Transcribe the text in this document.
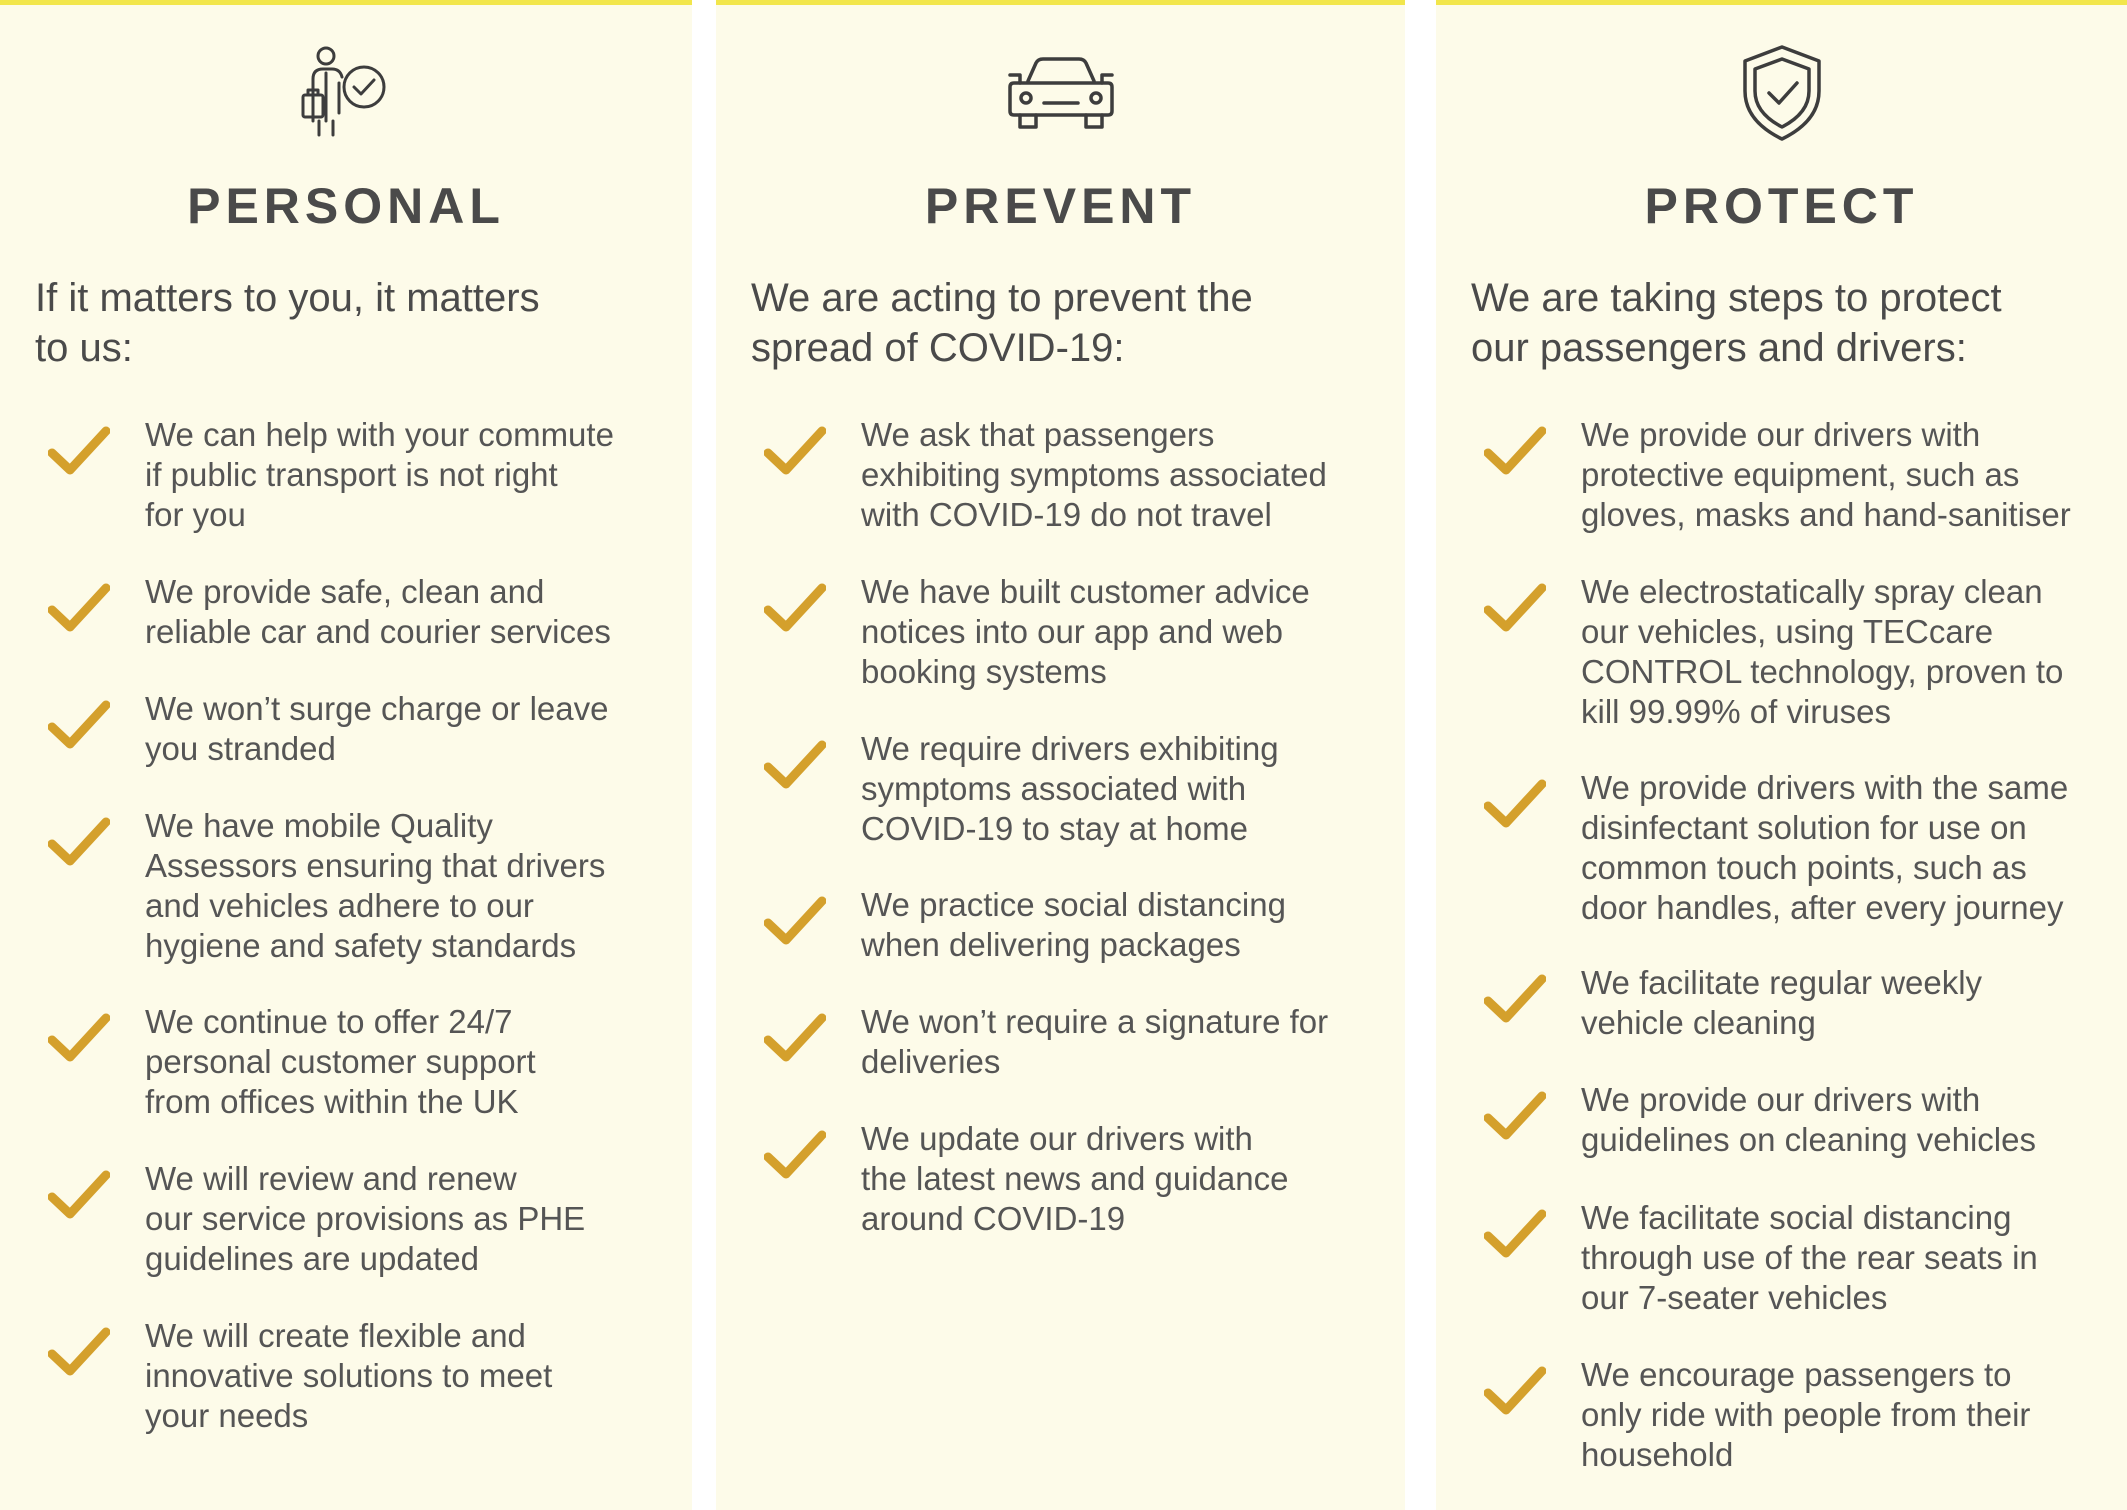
PERSONAL

If it matters to you, it matters
to us:

We can help with your commute
if public transport is not right
for you
We provide safe, clean and
reliable car and courier services
We won’t surge charge or leave
you stranded
We have mobile Quality
Assessors ensuring that drivers
and vehicles adhere to our
hygiene and safety standards
We continue to offer 24/7
personal customer support
from offices within the UK
We will review and renew
our service provisions as PHE
guidelines are updated
We will create flexible and
innovative solutions to meet
your needs
PREVENT

We are acting to prevent the
spread of COVID-19:

We ask that passengers
exhibiting symptoms associated
with COVID-19 do not travel
We have built customer advice
notices into our app and web
booking systems
We require drivers exhibiting
symptoms associated with
COVID-19 to stay at home
We practice social distancing
when delivering packages
We won’t require a signature for
deliveries
We update our drivers with
the latest news and guidance
around COVID-19
PROTECT

We are taking steps to protect
our passengers and drivers:

We provide our drivers with
protective equipment, such as
gloves, masks and hand-sanitiser
We electrostatically spray clean
our vehicles, using TECcare
CONTROL technology, proven to
kill 99.99% of viruses
We provide drivers with the same
disinfectant solution for use on
common touch points, such as
door handles, after every journey
We facilitate regular weekly
vehicle cleaning
We provide our drivers with
guidelines on cleaning vehicles
We facilitate social distancing
through use of the rear seats in
our 7-seater vehicles
We encourage passengers to
only ride with people from their
household
